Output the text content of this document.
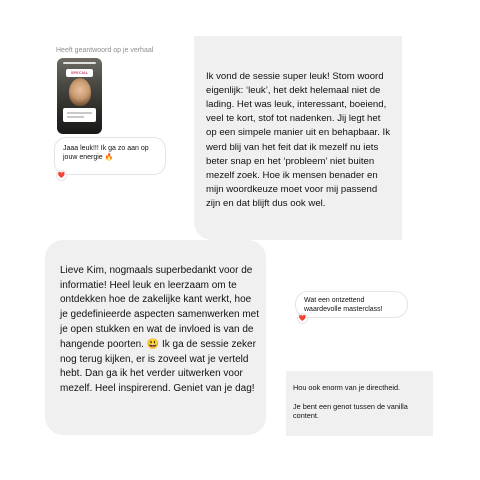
Heeft geantwoord op je verhaal
SPECIAL
Jaaa leuk!!! Ik ga zo aan op jouw energie 🔥
❤️

Ik vond de sessie super leuk! Stom woord eigenlijk: ‘leuk’, het dekt helemaal niet de lading. Het was leuk, interessant, boeiend, veel te kort, stof tot nadenken. Jij legt het op een simpele manier uit en behapbaar. Ik werd blij van het feit dat ik mezelf nu iets beter snap en het ‘probleem’ niet buiten mezelf zoek. Hoe ik mensen benader en mijn woordkeuze moet voor mij passend zijn en dat blijft dus ook wel.

Lieve Kim, nogmaals superbedankt voor de informatie! Heel leuk en leerzaam om te ontdekken hoe de zakelijke kant werkt, hoe je gedefinieerde aspecten samenwerken met je open stukken en wat de invloed is van de hangende poorten. 😃 Ik ga de sessie zeker nog terug kijken, er is zoveel wat je verteld hebt. Dan ga ik het verder uitwerken voor mezelf. Heel inspirerend. Geniet van je dag!

Wat een ontzettend waardevolle masterclass!
❤️
Hou ook enorm van je directheid.
Je bent een genot tussen de vanilla content.
